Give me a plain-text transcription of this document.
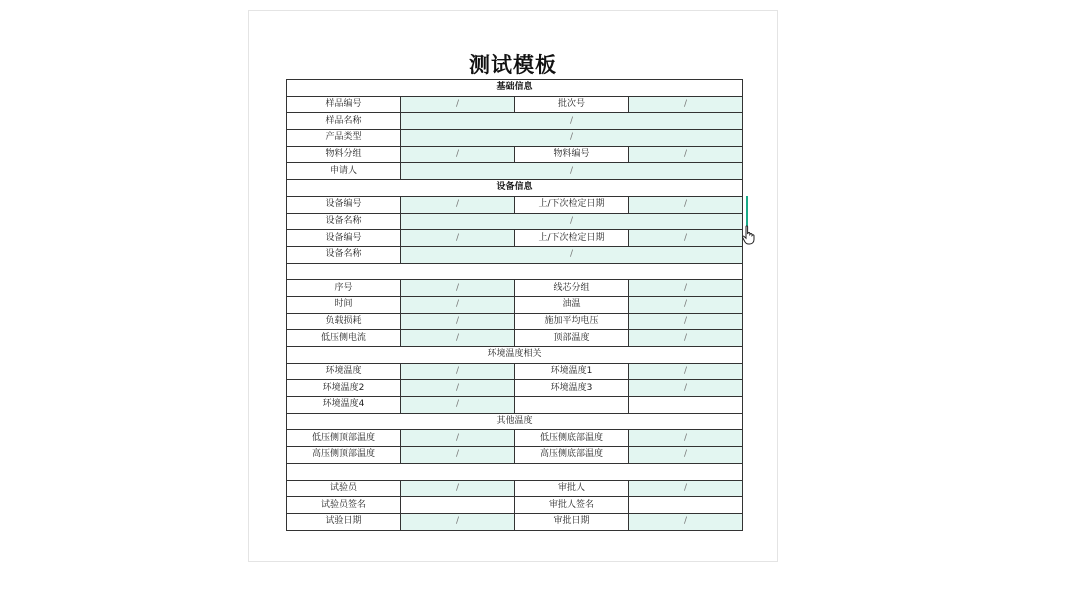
测试模板
基础信息			
样品编号	/	批次号	/
样品名称	/		
产品类型	/		
物料分组	/	物料编号	/
申请人	/		
设备信息			
设备编号	/	上/下次检定日期	/
设备名称	/		
设备编号	/	上/下次检定日期	/
设备名称	/		

序号	/	线芯分组	/
时间	/	油温	/
负载损耗	/	施加平均电压	/
低压侧电流	/	顶部温度	/
环境温度相关			
环境温度	/	环境温度1	/
环境温度2	/	环境温度3	/
环境温度4	/		
其他温度			
低压侧顶部温度	/	低压侧底部温度	/
高压侧顶部温度	/	高压侧底部温度	/

试验员	/	审批人	/
试验员签名		审批人签名	
试验日期	/	审批日期	/
